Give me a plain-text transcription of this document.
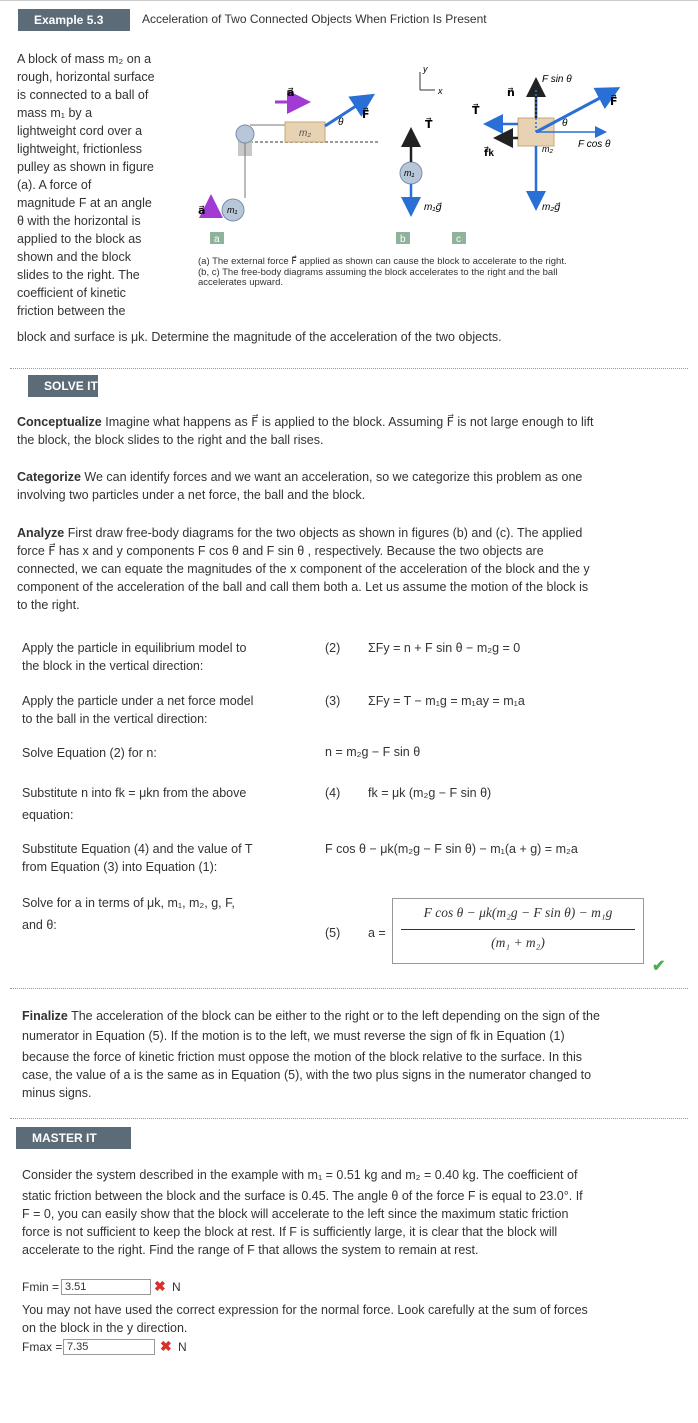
Example 5.3	Acceleration of Two Connected Objects When Friction Is Present
A block of mass m₂ on a
rough, horizontal surface
is connected to a ball of
mass m₁ by a
lightweight cord over a
lightweight, frictionless
pulley as shown in figure
(a). A force of
magnitude F at an angle
θ with the horizontal is
applied to the block as
shown and the block
slides to the right. The
coefficient of kinetic
friction between the
block and surface is μk. Determine the magnitude of the acceleration of the two objects.
m₂
F⃗
θ
a⃗
m₁
a⃗
a
y
x
m₁
T⃗
m₁g⃗
b
m₂
n⃗
m₂g⃗
T⃗
f⃗k
F⃗
F cos θ
F sin θ
θ
c
(a) The external force F⃗ applied as shown can cause the block to accelerate to the right.
(b, c) The free-body diagrams assuming the block accelerates to the right and the ball
accelerates upward.
SOLVE IT
Conceptualize Imagine what happens as F⃗ is applied to the block. Assuming F⃗ is not large enough to lift
the block, the block slides to the right and the ball rises.
Categorize We can identify forces and we want an acceleration, so we categorize this problem as one
involving two particles under a net force, the ball and the block.
Analyze First draw free-body diagrams for the two objects as shown in figures (b) and (c). The applied
force F⃗ has x and y components F cos θ and F sin θ , respectively. Because the two objects are
connected, we can equate the magnitudes of the x component of the acceleration of the block and the y
component of the acceleration of the ball and call them both a. Let us assume the motion of the block is
to the right.
Apply the particle in equilibrium model to
the block in the vertical direction:
(2) ΣFy = n + F sin θ − m₂g = 0
Apply the particle under a net force model
to the ball in the vertical direction:
(3) ΣFy = T − m₁g = m₁ay = m₁a
Solve Equation (2) for n:	n = m₂g − F sin θ
Substitute n into fk = μkn from the above
equation:
(4) fk = μk (m₂g − F sin θ)
Substitute Equation (4) and the value of T
from Equation (3) into Equation (1):
F cos θ − μk(m₂g − F sin θ) − m₁(a + g) = m₂a
Solve for a in terms of μk, m₁, m₂, g, F,
and θ:
(5) a =
F cos θ − μk(m₂g − F sin θ) − m₁g
(m₁ + m₂)
✔
Finalize The acceleration of the block can be either to the right or to the left depending on the sign of the
numerator in Equation (5). If the motion is to the left, we must reverse the sign of fk in Equation (1)
because the force of kinetic friction must oppose the motion of the block relative to the surface. In this
case, the value of a is the same as in Equation (5), with the two plus signs in the numerator changed to
minus signs.
MASTER IT
Consider the system described in the example with m₁ = 0.51 kg and m₂ = 0.40 kg. The coefficient of
static friction between the block and the surface is 0.45. The angle θ of the force F is equal to 23.0°. If
F = 0, you can easily show that the block will accelerate to the left since the maximum static friction
force is not sufficient to keep the block at rest. If F is sufficiently large, it is clear that the block will
accelerate to the right. Find the range of F that allows the system to remain at rest.
Fmin = 3.51	✖ N
You may not have used the correct expression for the normal force. Look carefully at the sum of forces
on the block in the y direction.
Fmax = 7.35	✖ N
